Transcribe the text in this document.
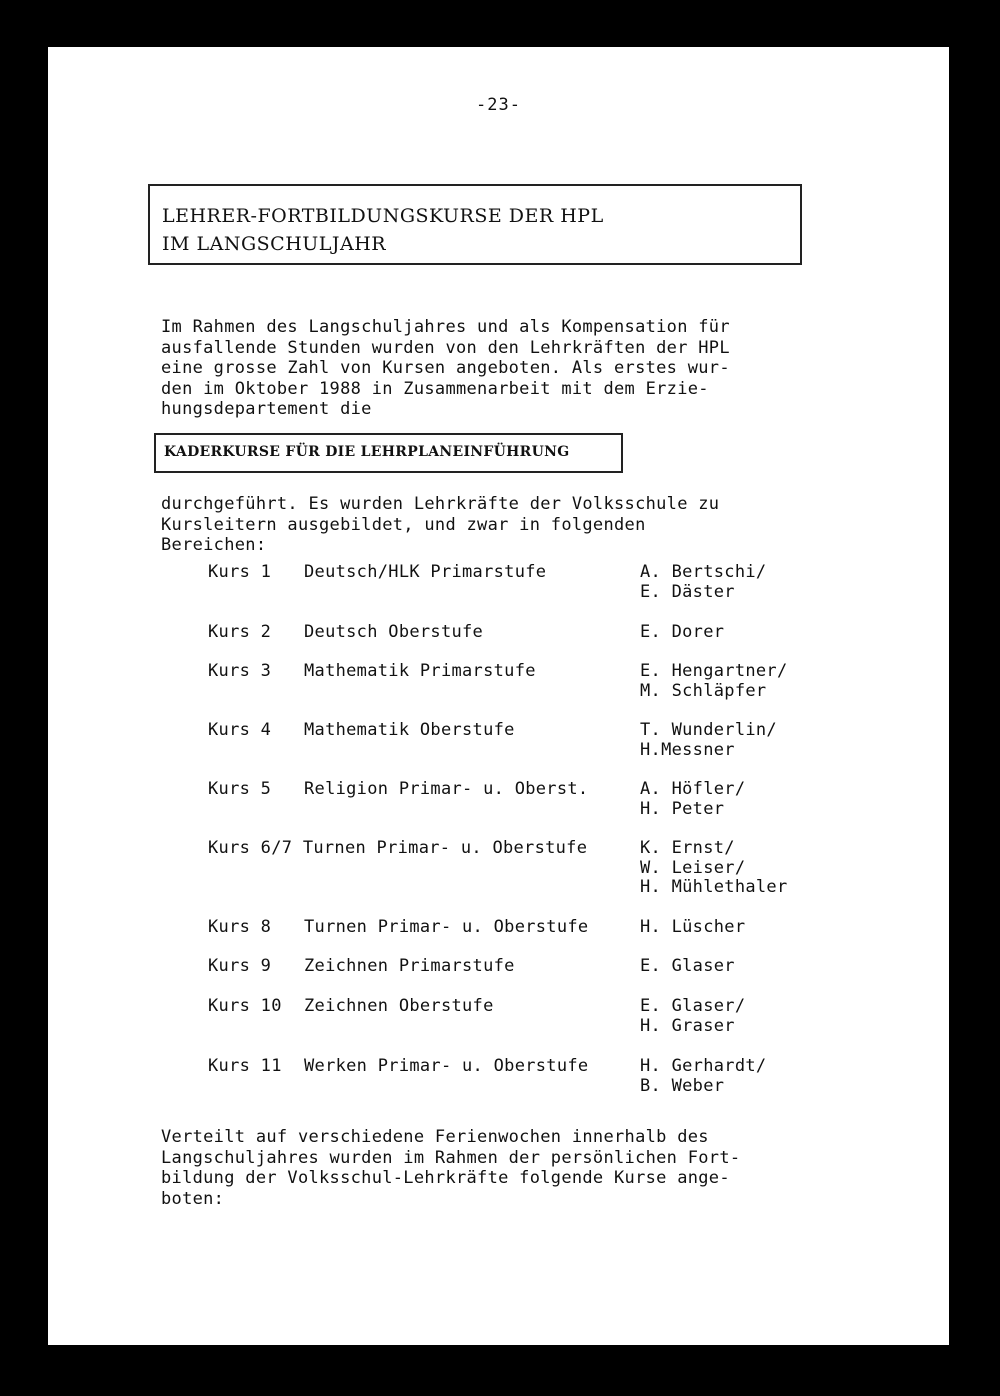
-23-
LEHRER-FORTBILDUNGSKURSE DER HPL
IM LANGSCHULJAHR
Im Rahmen des Langschuljahres und als Kompensation für
ausfallende Stunden wurden von den Lehrkräften der HPL
eine grosse Zahl von Kursen angeboten. Als erstes wur-
den im Oktober 1988 in Zusammenarbeit mit dem Erzie-
hungsdepartement die
KADERKURSE FÜR DIE LEHRPLANEINFÜHRUNG
durchgeführt. Es wurden Lehrkräfte der Volksschule zu
Kursleitern ausgebildet, und zwar in folgenden
Bereichen:
Kurs 1 Deutsch/HLK Primarstufe	A. Bertschi/
E. Däster
Kurs 2 Deutsch Oberstufe	E. Dorer
Kurs 3 Mathematik Primarstufe	E. Hengartner/
M. Schläpfer
Kurs 4 Mathematik Oberstufe	T. Wunderlin/
H.Messner
Kurs 5 Religion Primar- u. Oberst.	A. Höfler/
H. Peter
Kurs 6/7 Turnen Primar- u. Oberstufe	K. Ernst/
W. Leiser/
H. Mühlethaler
Kurs 8 Turnen Primar- u. Oberstufe	H. Lüscher
Kurs 9 Zeichnen Primarstufe	E. Glaser
Kurs 10 Zeichnen Oberstufe	E. Glaser/
H. Graser
Kurs 11 Werken Primar- u. Oberstufe	H. Gerhardt/
B. Weber
Verteilt auf verschiedene Ferienwochen innerhalb des
Langschuljahres wurden im Rahmen der persönlichen Fort-
bildung der Volksschul-Lehrkräfte folgende Kurse ange-
boten:
